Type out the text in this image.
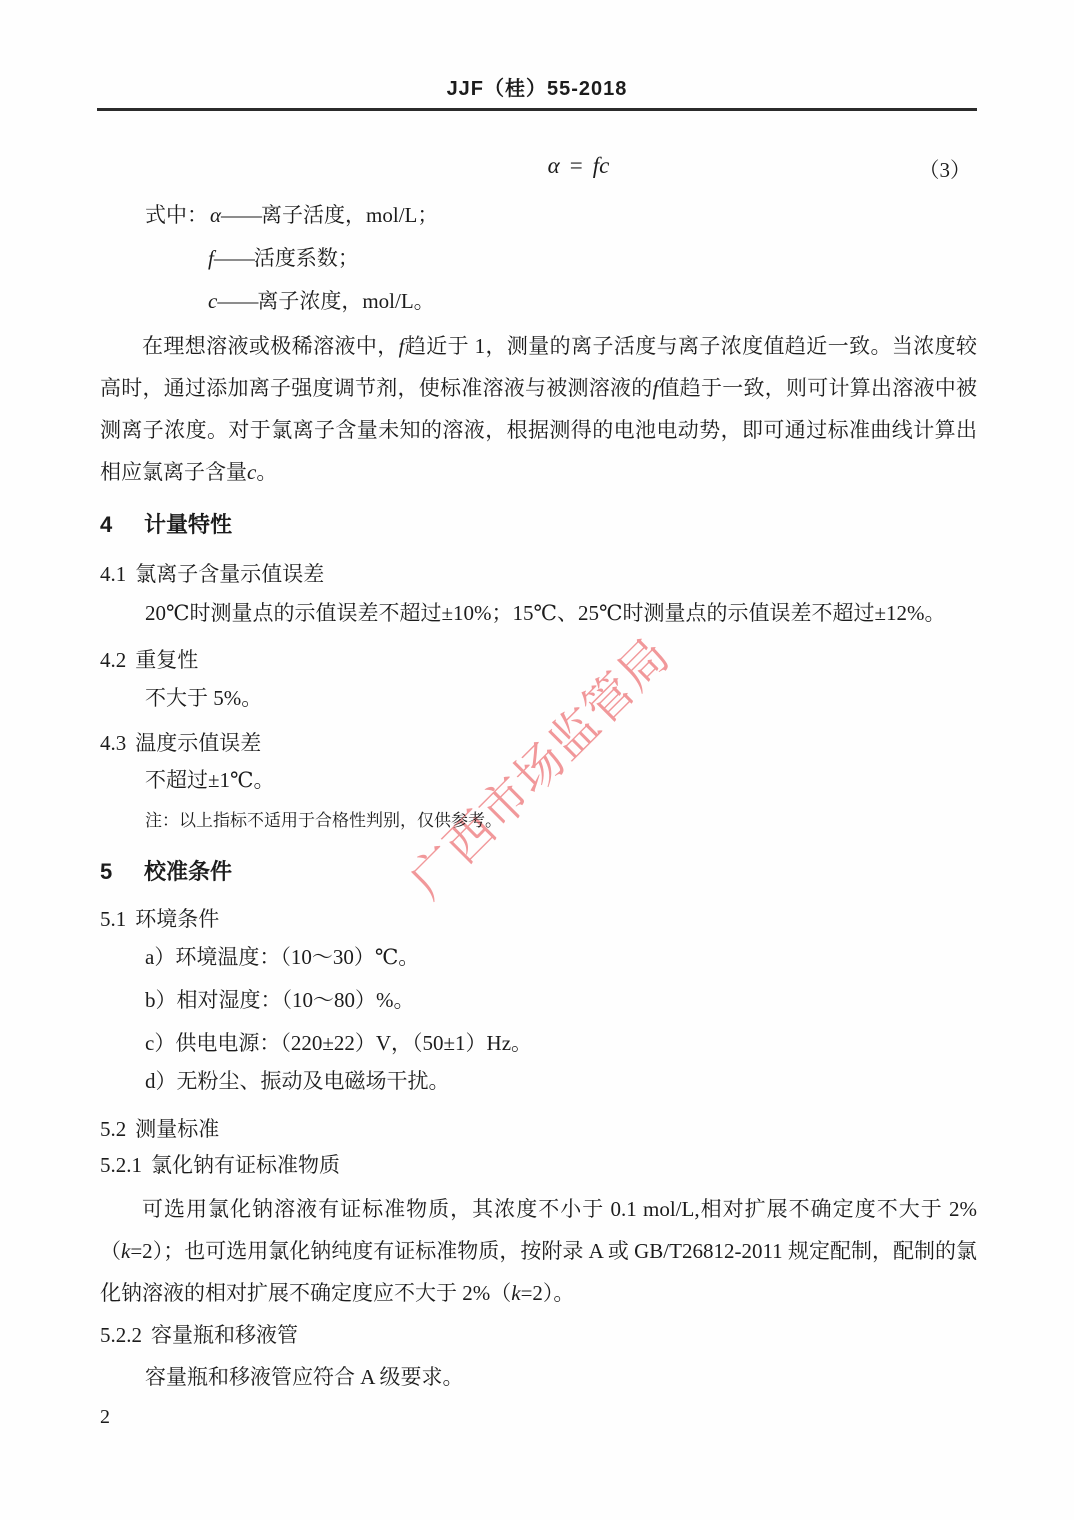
广西市场监管局
JJF（桂）55-2018
α = fc	（3）
式中：α——离子活度，mol/L；
f——活度系数；
c——离子浓度，mol/L。

在理想溶液或极稀溶液中，f趋近于 1，测量的离子活度与离子浓度值趋近一致。当浓度较高时，通过添加离子强度调节剂，使标准溶液与被测溶液的f值趋于一致，则可计算出溶液中被测离子浓度。对于氯离子含量未知的溶液，根据测得的电池电动势，即可通过标准曲线计算出相应氯离子含量c。

4 计量特性
4.1 氯离子含量示值误差
20℃时测量点的示值误差不超过±10%；15℃、25℃时测量点的示值误差不超过±12%。
4.2 重复性
不大于 5%。
4.3 温度示值误差
不超过±1℃。
注：以上指标不适用于合格性判别，仅供参考。
5 校准条件
5.1 环境条件
a）环境温度：（10～30）℃。
b）相对湿度：（10～80）%。
c）供电电源：（220±22）V，（50±1）Hz。
d）无粉尘、振动及电磁场干扰。
5.2 测量标准
5.2.1 氯化钠有证标准物质

可选用氯化钠溶液有证标准物质，其浓度不小于 0.1 mol/L,相对扩展不确定度不大于 2%（k=2）；也可选用氯化钠纯度有证标准物质，按附录 A 或 GB/T26812-2011 规定配制，配制的氯化钠溶液的相对扩展不确定度应不大于 2%（k=2）。

5.2.2 容量瓶和移液管
容量瓶和移液管应符合 A 级要求。
2
